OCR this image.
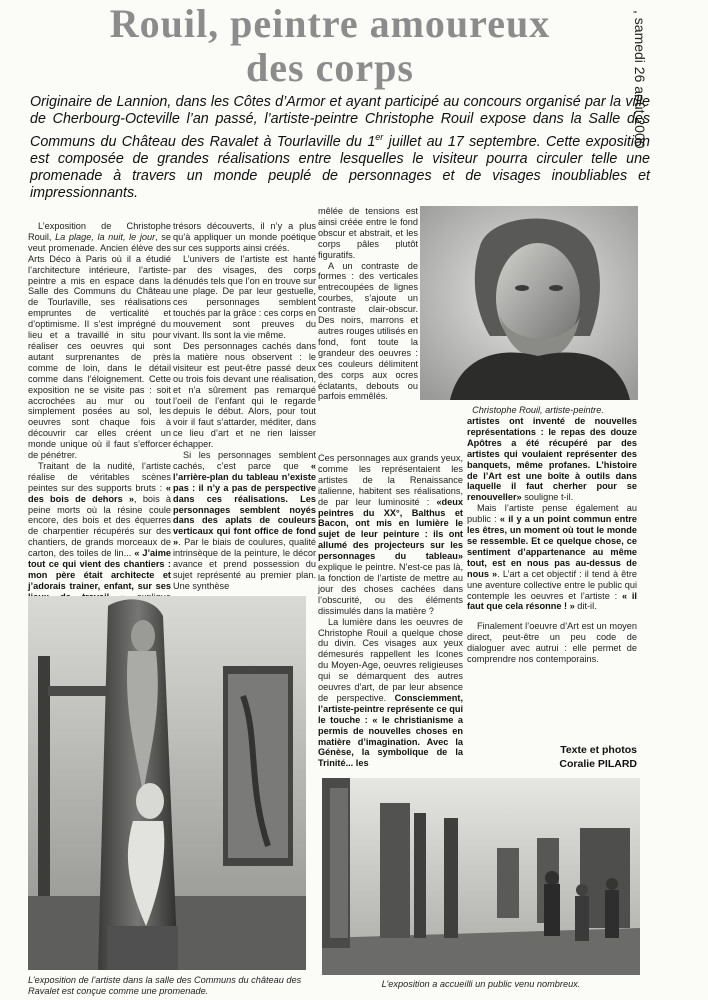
Rouil, peintre amoureux
des corps	, samedi 26 août 2000
Originaire de Lannion, dans les Côtes d’Armor et ayant participé au concours organisé par la ville de Cherbourg-Octeville l’an passé, l’artiste-peintre Christophe Rouil expose dans la Salle des Communs du Château des Ravalet à Tourlaville du 1er juillet au 17 septembre. Cette exposition est composée de grandes réalisations entre lesquelles le visiteur pourra circuler telle une promenade à travers un monde peuplé de personnages et de visages inoubliables et impressionnants.

L’exposition de Christophe Rouil, La plage, la nuit, le jour, se veut promenade. Ancien élève des Arts Déco à Paris où il a étudié l’architecture intérieure, l’artiste-peintre a mis en espace dans la Salle des Communs du Château de Tourlaville, ses réalisations empruntes de verticalité et d’optimisme. Il s’est imprégné du lieu et a travaillé in situ pour réaliser ces oeuvres qui sont autant surprenantes de près comme de loin, dans le détail comme dans l’éloignement. Cette exposition ne se visite pas : soit accrochées au mur ou tout simplement posées au sol, les oeuvres sont chaque fois à découvrir car elles créent un monde unique où il faut s’efforcer de pénétrer.

Traitant de la nudité, l’artiste réalise de véritables scènes peintes sur des supports bruts : « des bois de dehors », bois à peine morts où la résine coule encore, des bois et des équerres de charpentier récupérés sur des chantiers, de grands morceaux de carton, des toiles de lin... « J’aime tout ce qui vient des chantiers : mon père était architecte et j’adorais trainer, enfant, sur ses

trésors découverts, il n’y a plus qu’à appliquer un monde poétique sur ces supports ainsi créés.

L’univers de l’artiste est hanté par des visages, des corps dénudés tels que l’on en trouve sur une plage. De par leur gestuelle, ces personnages semblent touchés par la grâce : ces corps en mouvement sont preuves du vivant. Ils sont la vie même.

Des personnages cachés dans la matière nous observent : le visiteur est peut-être passé deux ou trois fois devant une réalisation, et n’a sûrement pas remarqué l’oeil de l’enfant qui le regarde depuis le début. Alors, pour tout voir il faut s’attarder, méditer, dans ce lieu d’art et ne rien laisser échapper.

Si les personnages semblent cachés, c’est parce que « l’arrière-plan du tableau n’existe pas : il n’y a pas de perspective dans ces réalisations. Les personnages semblent noyés dans des aplats de couleurs verticaux qui font office de fond ». Par le biais de coulures, qualité intrinsèque de la peinture, le décor avance et prend possession du sujet représenté au premier plan. Une synthèse

mêlée de tensions est ainsi créée entre le fond obscur et abstrait, et les corps pâles plutôt figuratifs.

A un contraste de formes : des verticales entrecoupées de lignes courbes, s’ajoute un contraste clair-obscur. Des noirs, marrons et autres rouges utilisés en fond, font toute la grandeur des oeuvres : ces couleurs délimitent des corps aux ocres éclatants, debouts ou parfois emmêlés.

Ces personnages aux grands yeux, comme les représentaient les artistes de la Renaissance italienne, habitent ses réalisations, de par leur luminosité : «deux peintres du XX°, Balthus et Bacon, ont mis en lumière le sujet de leur peinture : ils ont allumé des projecteurs sur les personnages du tableau» explique le peintre. N’est-ce pas là, la fonction de l’artiste de mettre au jour des choses cachées dans l’obscurité, ou des éléments dissimulés dans la matière ?

La lumière dans les oeuvres de Christophe Rouil a quelque chose du divin. Ces visages aux yeux démesurés rappellent les Icones du Moyen-Age, oeuvres religieuses qui se démarquent des autres oeuvres d’art, de par leur absence de perspective. Consciemment, l’artiste-peintre représente ce qui le touche : « le christianisme a permis de nouvelles choses en matière d’imagination. Avec la Génèse, la symbolique de la Trinité... les

artistes ont inventé de nouvelles représentations : le repas des douze Apôtres a été récupéré par des artistes qui voulaient représenter des banquets, même profanes. L’histoire de l’Art est une boîte à outils dans laquelle il faut cherher pour se renouveller» souligne t-il.

Mais l’artiste pense également au public : « il y a un point commun entre les êtres, un moment où tout le monde se ressemble. Et ce quelque chose, ce sentiment d’appartenance au même tout, est en nous pas au-dessus de nous ». L’art a cet objectif : il tend à être une aventure collective entre le public qui contemple les oeuvres et l’artiste : « il faut que cela résonne ! » dit-il.

Finalement l’oeuvre d’Art est un moyen direct, peut-être un peu code de dialoguer avec autrui : elle permet de comprendre nos contemporains.

Texte et photos
Coralie PILARD
Christophe Rouil, artiste-peintre.
L’exposition de l’artiste dans la salle des Communs du château des Ravalet est conçue comme une promenade.
L’exposition a accueilli un public venu nombreux.
